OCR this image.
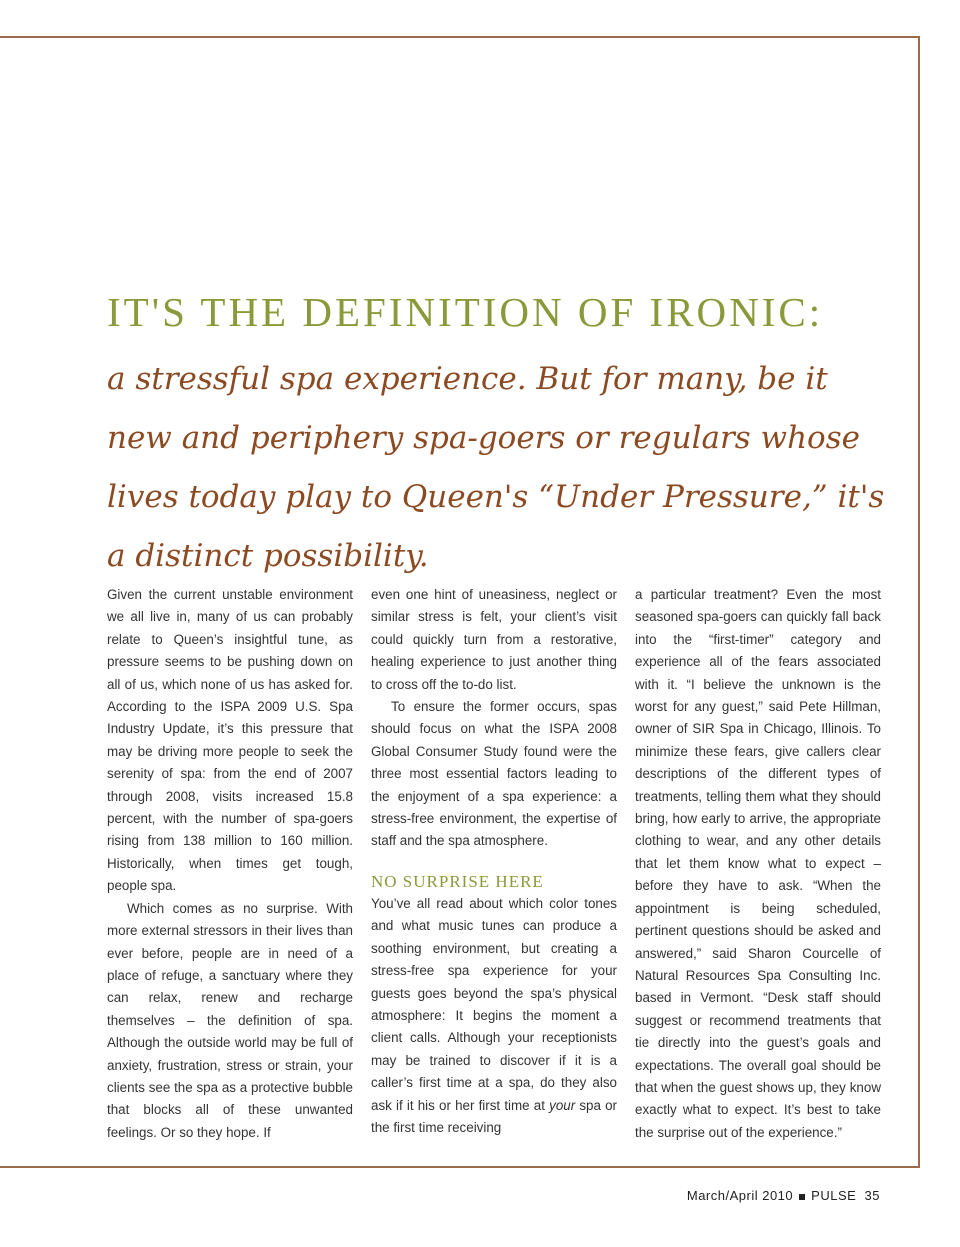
IT'S THE DEFINITION OF IRONIC:

a stressful spa experience. But for many, be it new and periphery spa-goers or regulars whose lives today play to Queen's “Under Pressure,” it's a distinct possibility.

Given the current unstable environment we all live in, many of us can probably relate to Queen’s insightful tune, as pressure seems to be pushing down on all of us, which none of us has asked for. According to the ISPA 2009 U.S. Spa Industry Update, it’s this pressure that may be driving more people to seek the serenity of spa: from the end of 2007 through 2008, visits increased 15.8 percent, with the number of spa-goers rising from 138 million to 160 million. Historically, when times get tough, people spa.

Which comes as no surprise. With more external stressors in their lives than ever before, people are in need of a place of refuge, a sanctuary where they can relax, renew and recharge themselves – the definition of spa. Although the outside world may be full of anxiety, frustration, stress or strain, your clients see the spa as a protective bubble that blocks all of these unwanted feelings. Or so they hope. If

even one hint of uneasiness, neglect or similar stress is felt, your client’s visit could quickly turn from a restorative, healing experience to just another thing to cross off the to-do list.

To ensure the former occurs, spas should focus on what the ISPA 2008 Global Consumer Study found were the three most essential factors leading to the enjoyment of a spa experience: a stress-free environment, the expertise of staff and the spa atmosphere.

NO SURPRISE HERE

You’ve all read about which color tones and what music tunes can produce a soothing environment, but creating a stress-free spa experience for your guests goes beyond the spa’s physical atmosphere: It begins the moment a client calls. Although your receptionists may be trained to discover if it is a caller’s first time at a spa, do they also ask if it his or her first time at your spa or the first time receiving

a particular treatment? Even the most seasoned spa-goers can quickly fall back into the “first-timer” category and experience all of the fears associated with it. “I believe the unknown is the worst for any guest,” said Pete Hillman, owner of SIR Spa in Chicago, Illinois. To minimize these fears, give callers clear descriptions of the different types of treatments, telling them what they should bring, how early to arrive, the appropriate clothing to wear, and any other details that let them know what to expect – before they have to ask. “When the appointment is being scheduled, pertinent questions should be asked and answered,” said Sharon Courcelle of Natural Resources Spa Consulting Inc. based in Vermont. “Desk staff should suggest or recommend treatments that tie directly into the guest’s goals and expectations. The overall goal should be that when the guest shows up, they know exactly what to expect. It’s best to take the surprise out of the experience.”

March/April 2010 PULSE 35
